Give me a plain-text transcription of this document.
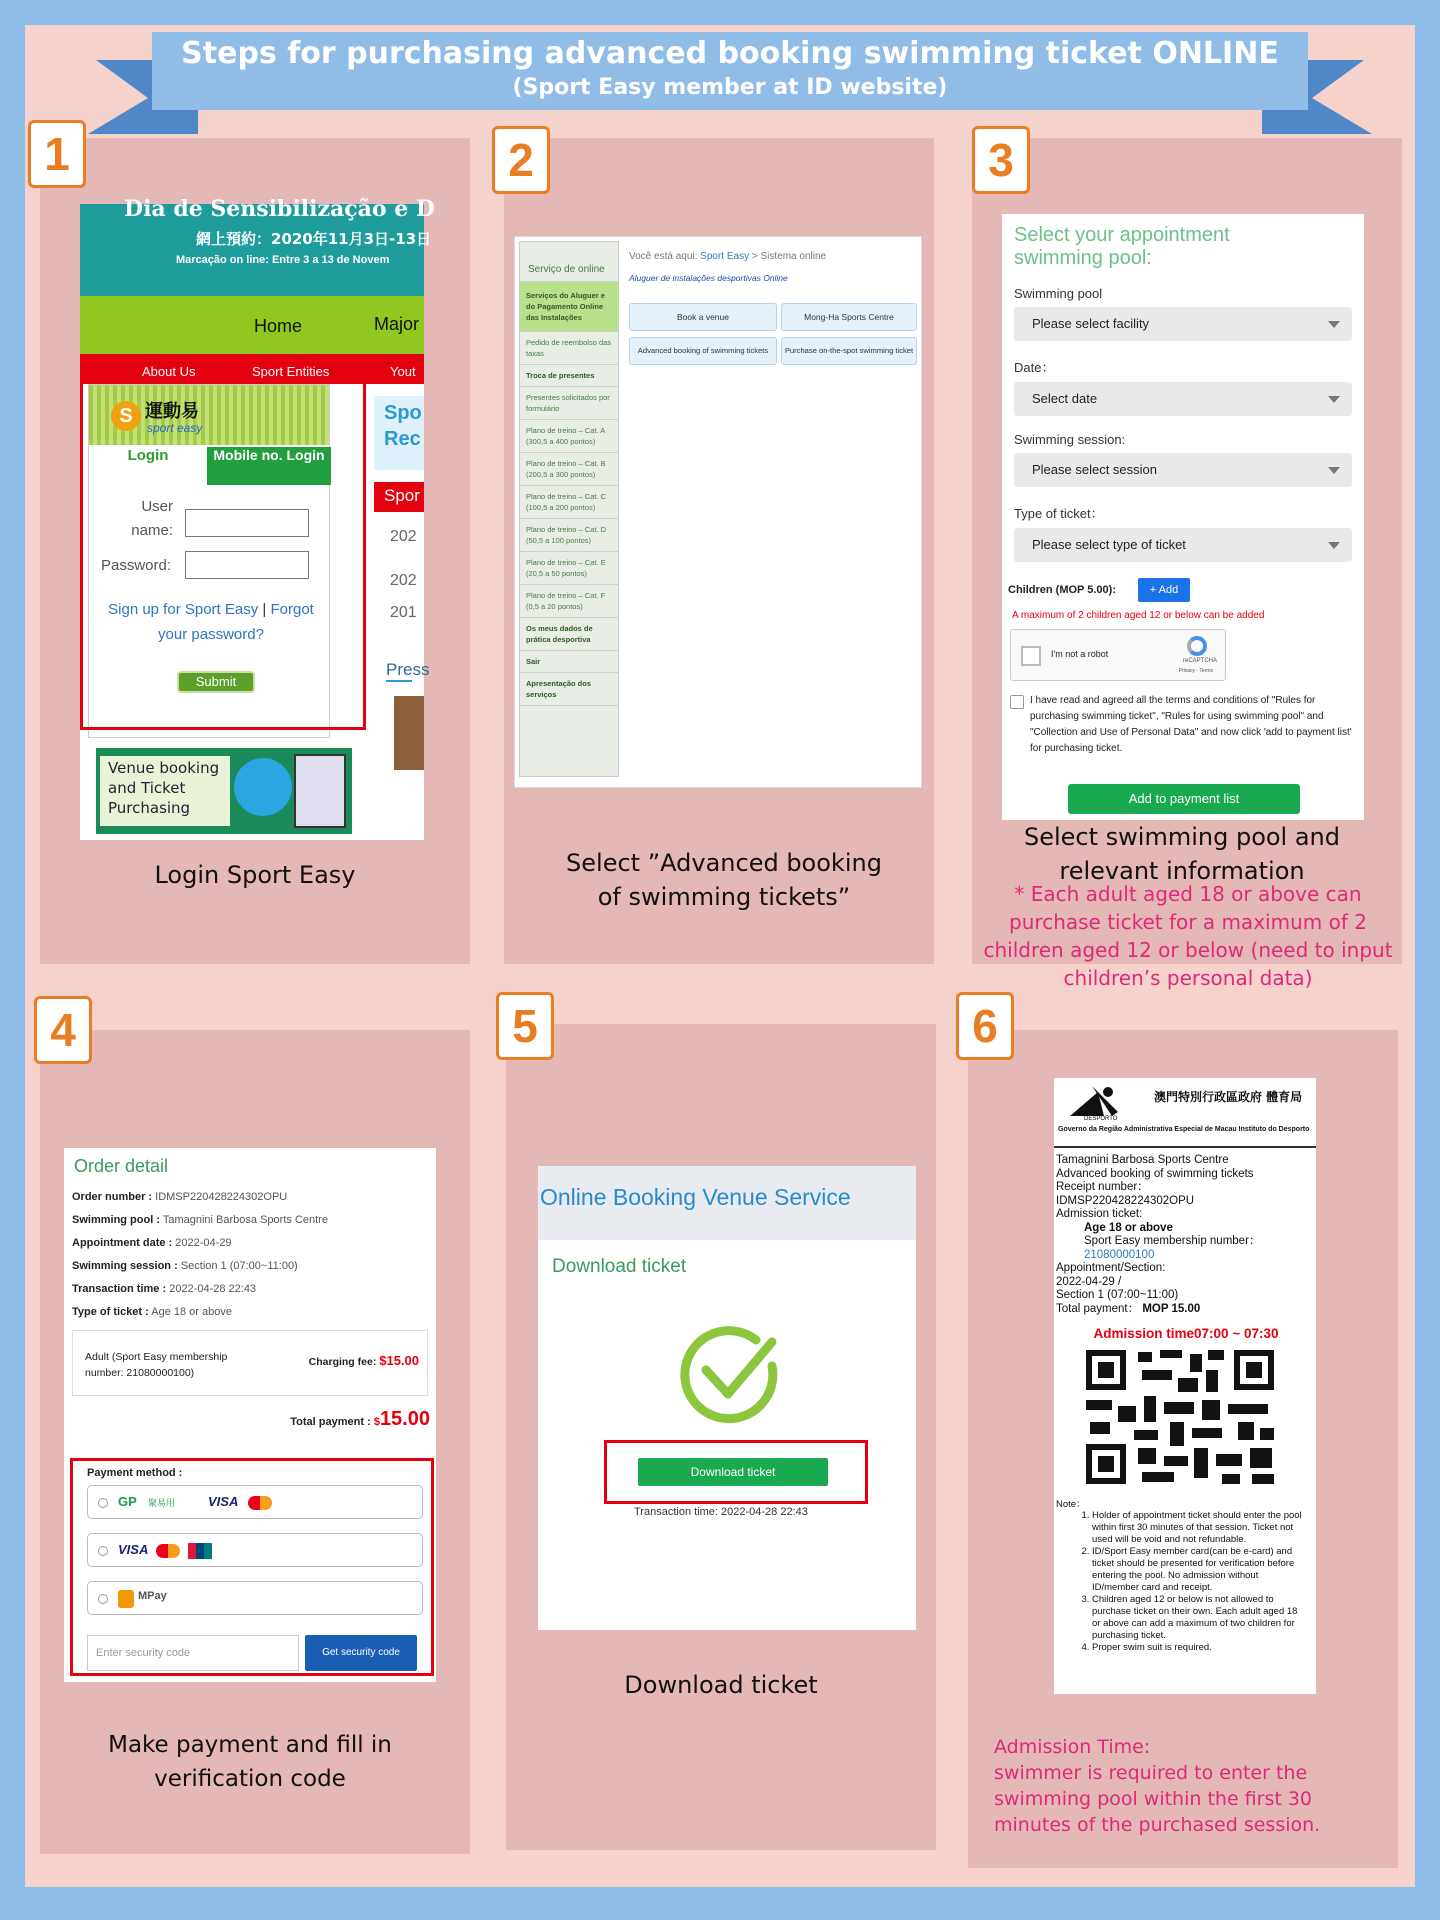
Steps for purchasing advanced booking swimming ticket ONLINE
(Sport Easy member at ID website)
1	2	3
4	5	6
Dia de Sensibilização e D
網上預約：2020年11月3日-13日
Marcação on line: Entre 3 a 13 de Novem
Home	Major
About Us	Sport Entities	Yout
S 運動易
sport easy
Login	Mobile no. Login
User name:
Password:
Sign up for Sport Easy | Forgot your password?
Submit
Spo
Rec
Spor
202
202
201
Press
Venue booking and Ticket Purchasing
Login Sport Easy
Serviço de online
Serviços do Aluguer e do Pagamento Online das Instalações
Pedido de reembolso das taxas
Troca de presentes
Presentes solicitados por formulário
Plano de treino – Cat. A (300,5 a 400 pontos)
Plano de treino – Cat. B (200,5 a 300 pontos)
Plano de treino – Cat. C (100,5 a 200 pontos)
Plano de treino – Cat. D (50,5 a 100 pontos)
Plano de treino – Cat. E (20,5 a 50 pontos)
Plano de treino – Cat. F (0,5 a 20 pontos)
Os meus dados de prática desportiva
Sair
Apresentação dos serviços
Você está aqui: Sport Easy > Sistema online
Aluguer de instalações desportivas Online
Book a venue	Mong-Ha Sports Centre
Advanced booking of swimming tickets	Purchase on-the-spot swimming ticket
Select ”Advanced booking of swimming tickets”
Select your appointment swimming pool:
Swimming pool
Please select facility
Date：
Select date
Swimming session:
Please select session
Type of ticket：
Please select type of ticket
Children (MOP 5.00):	+ Add
A maximum of 2 children aged 12 or below can be added
I'm not a robot
reCAPTCHA
Privacy - Terms
I have read and agreed all the terms and conditions of "Rules for purchasing swimming ticket", "Rules for using swimming pool" and "Collection and Use of Personal Data" and now click 'add to payment list' for purchasing ticket.
Add to payment list
Select swimming pool and relevant information
* Each adult aged 18 or above can purchase ticket for a maximum of 2 children aged 12 or below (need to input children’s personal data)
Order detail

Order number : IDMSP220428224302OPU

Swimming pool : Tamagnini Barbosa Sports Centre

Appointment date : 2022-04-29

Swimming session : Section 1 (07:00~11:00)

Transaction time : 2022-04-28 22:43

Type of ticket : Age 18 or above

Adult (Sport Easy membership number: 21080000100)
Charging fee: $15.00
Total payment : $15.00
Payment method :
GP 聚易用	VISA
VISA
MPay
Enter security code	Get security code
Make payment and fill in verification code
Online Booking Venue Service
Download ticket
Download ticket
Transaction time: 2022-04-28 22:43
Download ticket
DESPORTO
澳門特別行政區政府 體育局
Governo da Região Administrativa Especial de Macau Instituto do Desporto
Tamagnini Barbosa Sports Centre
Advanced booking of swimming tickets
Receipt number：
IDMSP220428224302OPU
Admission ticket:
Age 18 or above
Sport Easy membership number：
21080000100
Appointment/Section:
2022-04-29 /
Section 1 (07:00~11:00)
Total payment： MOP 15.00
Admission time07:00 ~ 07:30
Note：
1. Holder of appointment ticket should enter the pool within first 30 minutes of that session. Ticket not used will be void and not refundable.
2. ID/Sport Easy member card(can be e-card) and ticket should be presented for verification before entering the pool. No admission without ID/member card and receipt.
3. Children aged 12 or below is not allowed to purchase ticket on their own. Each adult aged 18 or above can add a maximum of two children for purchasing ticket.
4. Proper swim suit is required.
Admission Time:
swimmer is required to enter the swimming pool within the first 30 minutes of the purchased session.
